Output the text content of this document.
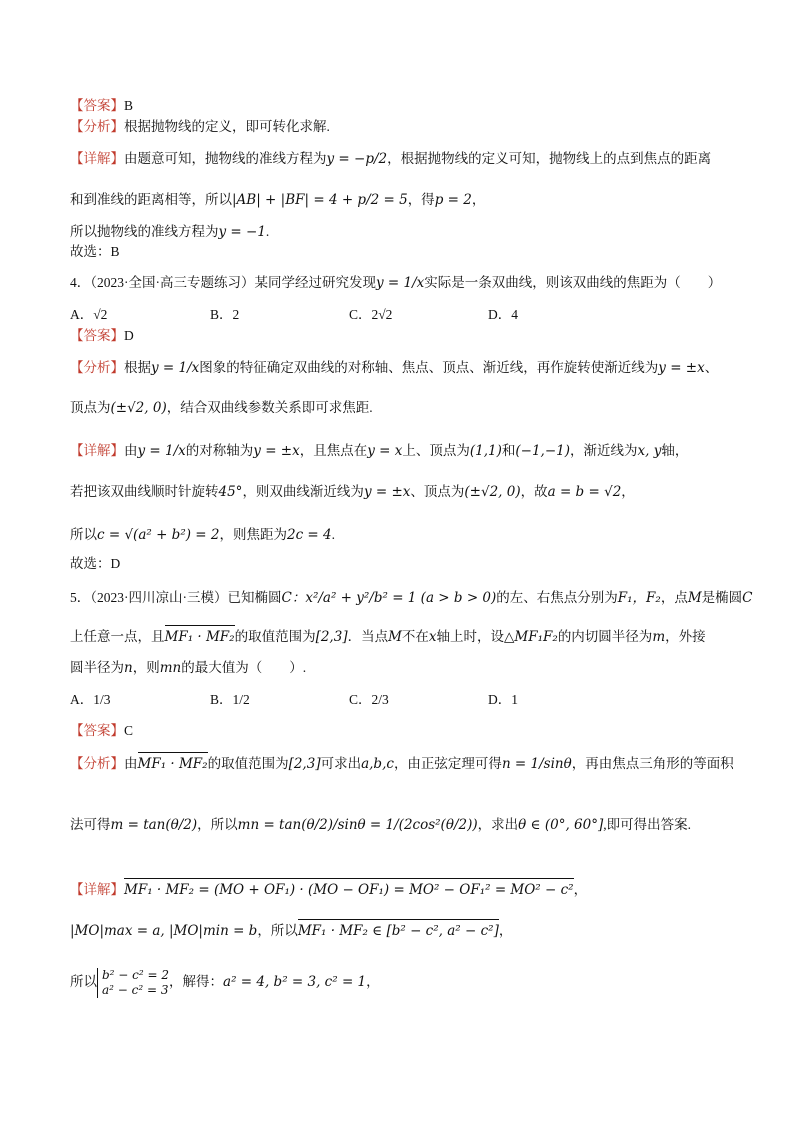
【答案】B
【分析】根据抛物线的定义，即可转化求解.
【详解】由题意可知，抛物线的准线方程为y = −p/2，根据抛物线的定义可知，抛物线上的点到焦点的距离
和到准线的距离相等，所以|AB| + |BF| = 4 + p/2 = 5，得p = 2，
所以抛物线的准线方程为y = −1.
故选：B
4．（2023·全国·高三专题练习）某同学经过研究发现y = 1/x实际是一条双曲线，则该双曲线的焦距为（　　）
A．√2	B．2	C．2√2	D．4
【答案】D
【分析】根据y = 1/x图象的特征确定双曲线的对称轴、焦点、顶点、渐近线，再作旋转使渐近线为y = ±x、
顶点为(±√2, 0)，结合双曲线参数关系即可求焦距.
【详解】由y = 1/x的对称轴为y = ±x，且焦点在y = x上、顶点为(1,1)和(−1,−1)，渐近线为x, y轴，
若把该双曲线顺时针旋转45°，则双曲线渐近线为y = ±x、顶点为(±√2, 0)，故a = b = √2，
所以c = √(a² + b²) = 2，则焦距为2c = 4.
故选：D
5．（2023·四川凉山·三模）已知椭圆C：x²/a² + y²/b² = 1 (a > b > 0)的左、右焦点分别为F₁，F₂，点M是椭圆C
上任意一点，且MF₁ · MF₂的取值范围为[2,3]．当点M不在x轴上时，设△MF₁F₂的内切圆半径为m，外接
圆半径为n，则mn的最大值为（　　）.
A．1/3	B．1/2	C．2/3	D．1
【答案】C
【分析】由MF₁ · MF₂的取值范围为[2,3]可求出a,b,c，由正弦定理可得n = 1/sinθ，再由焦点三角形的等面积
法可得m = tan(θ/2)，所以mn = tan(θ/2)/sinθ = 1/(2cos²(θ/2))，求出θ ∈ (0°, 60°],即可得出答案.
【详解】MF₁ · MF₂ = (MO + OF₁) · (MO − OF₁) = MO² − OF₁² = MO² − c²，
|MO|max = a, |MO|min = b，所以MF₁ · MF₂ ∈ [b² − c², a² − c²]，
所以 b² − c² = 2
a² − c² = 3
，解得：a² = 4, b² = 3, c² = 1，
